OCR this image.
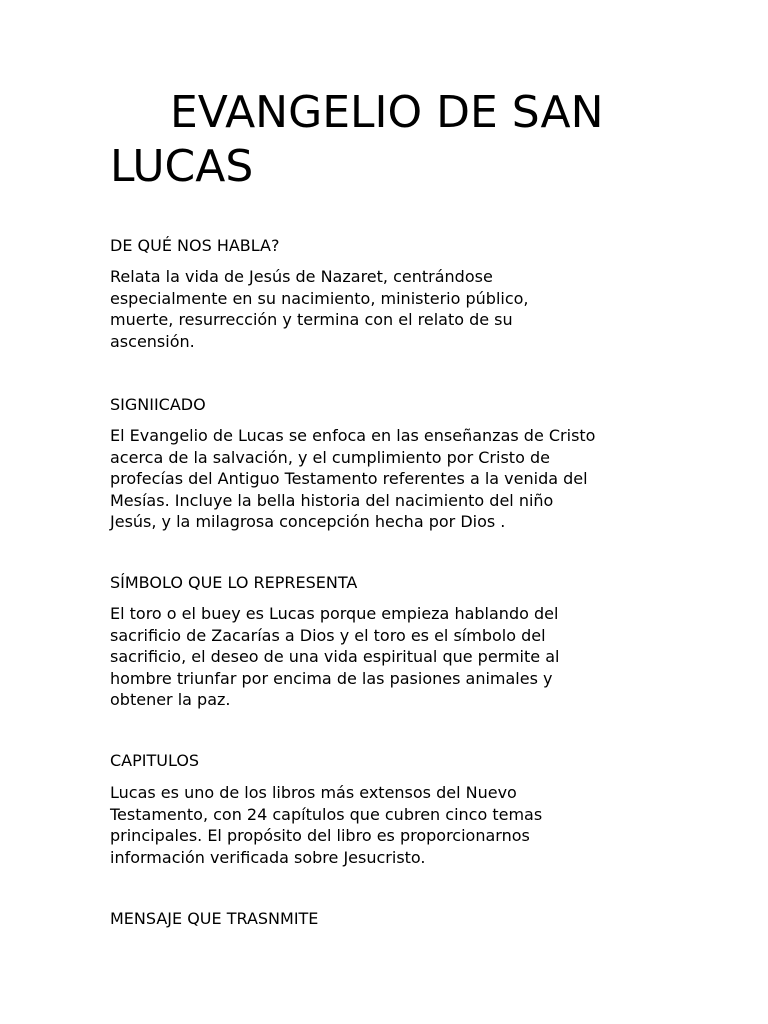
EVANGELIO DE SAN LUCAS
DE QUÉ NOS HABLA?

Relata la vida de Jesús de Nazaret, centrándose
especialmente en su nacimiento, ministerio público,
muerte, resurrección y termina con el relato de su
ascensión.

SIGNIICADO

El Evangelio de Lucas se enfoca en las enseñanzas de Cristo
acerca de la salvación, y el cumplimiento por Cristo de
profecías del Antiguo Testamento referentes a la venida del
Mesías. Incluye la bella historia del nacimiento del niño
Jesús, y la milagrosa concepción hecha por Dios .

SÍMBOLO QUE LO REPRESENTA

El toro o el buey es Lucas porque empieza hablando del
sacrificio de Zacarías a Dios y el toro es el símbolo del
sacrificio, el deseo de una vida espiritual que permite al
hombre triunfar por encima de las pasiones animales y
obtener la paz.

CAPITULOS

Lucas es uno de los libros más extensos del Nuevo
Testamento, con 24 capítulos que cubren cinco temas
principales. El propósito del libro es proporcionarnos
información verificada sobre Jesucristo.

MENSAJE QUE TRASNMITE
